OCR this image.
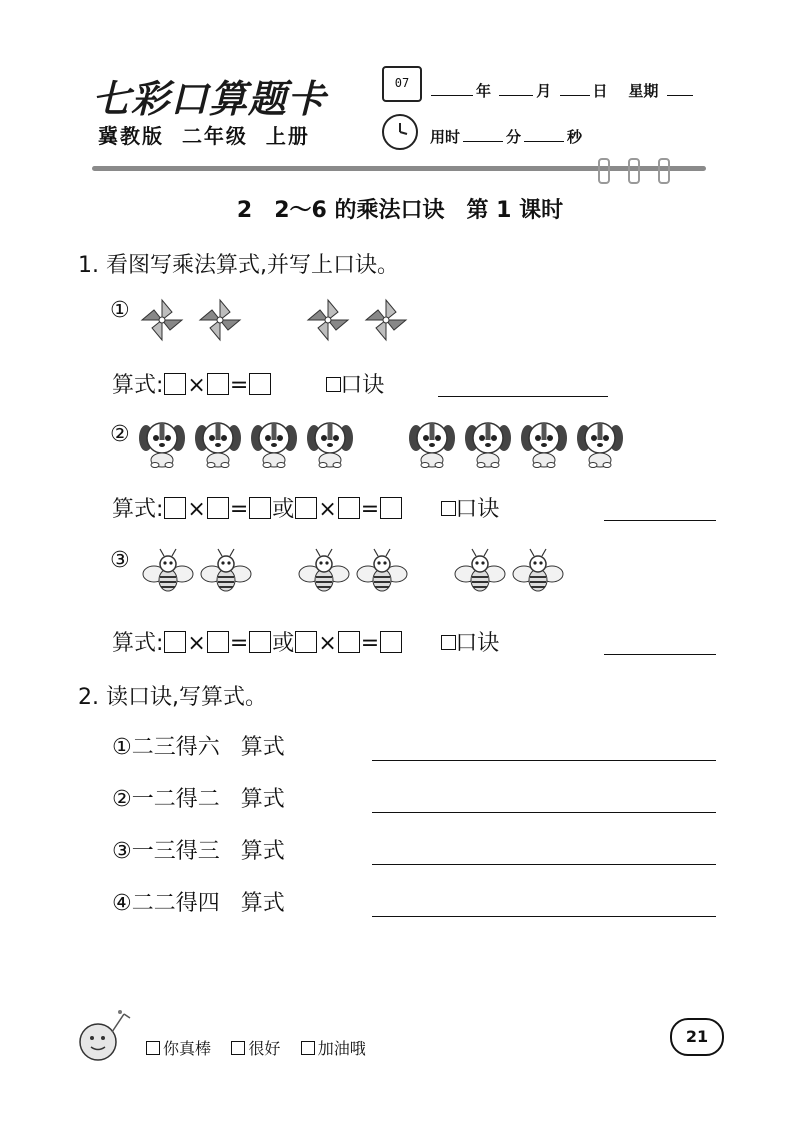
七彩口算题卡
冀教版 二年级 上册
07	年	月	日 星期
用时	分	秒
2　2～6 的乘法口诀　第 1 课时
1. 看图写乘法算式,并写上口诀。
①
算式: × =	口诀
②
算式: × = 或 × =	口诀
③
算式: × = 或 × =	口诀
2. 读口诀,写算式。
①二三得六 算式
②一二得二 算式
③一三得三 算式
④二二得四 算式
你真棒 很好 加油哦
21
